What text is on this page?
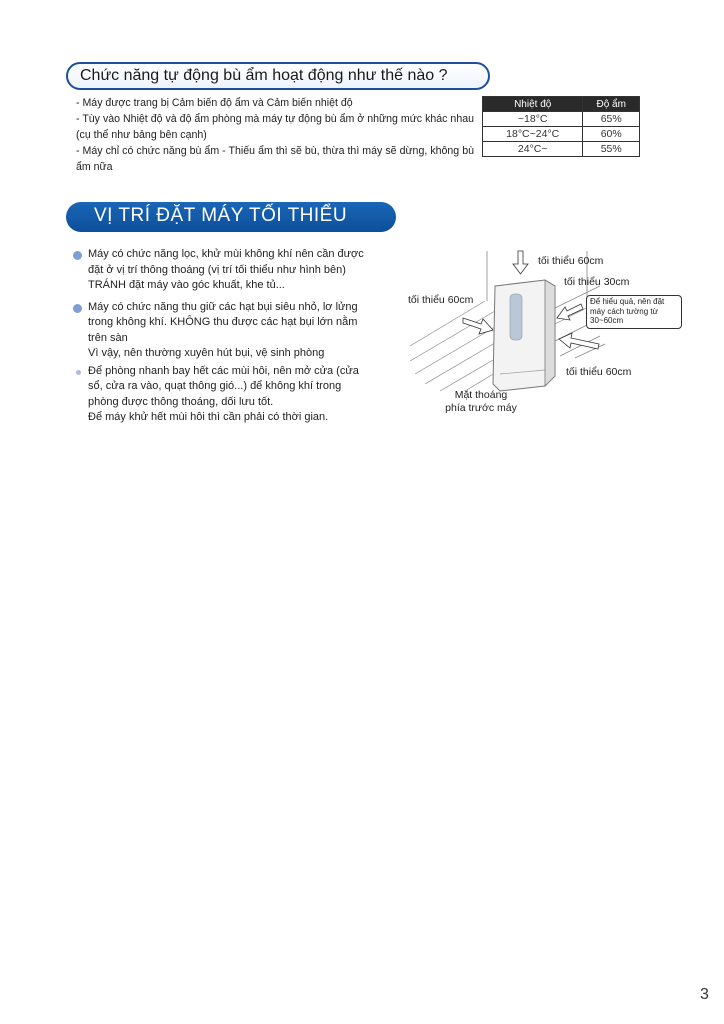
Chức năng tự động bù ẩm hoạt động như thế nào ?

- Máy được trang bị Cảm biến độ ẩm và Cảm biến nhiệt độ

- Tùy vào Nhiệt độ và độ ẩm phòng mà máy tự động bù ẩm ở những mức khác nhau (cụ thể như bảng bên cạnh)

- Máy chỉ có chức năng bù ẩm - Thiếu ẩm thì sẽ bù, thừa thì máy sẽ dừng, không bù ẩm nữa

Nhiệt độ	Độ ẩm
~18°C	65%
18°C~24°C	60%
24°C~	55%
VỊ TRÍ ĐẶT MÁY TỐI THIỂU
Máy có chức năng lọc, khử mùi không khí nên cần được
đặt ở vị trí thông thoáng (vị trí tối thiểu như hình bên)
TRÁNH đặt máy vào góc khuất, khe tủ...
Máy có chức năng thu giữ các hạt bụi siêu nhỏ, lơ lửng
trong không khí. KHÔNG thu được các hạt bụi lớn nằm
trên sàn
Vì vậy, nên thường xuyên hút bụi, vệ sinh phòng
Để phòng nhanh bay hết các mùi hôi, nên mở cửa (cửa
sổ, cửa ra vào, quạt thông gió...) để không khí trong
phòng được thông thoáng, dối lưu tốt.
Để máy khử hết mùi hôi thì cần phải có thời gian.
tối thiểu 60cm
tối thiểu 30cm
tối thiểu 60cm
tối thiểu 60cm
Để hiểu quả, nên đặt
máy cách tường từ
30~60cm
Mặt thoáng
phía trước máy
3
